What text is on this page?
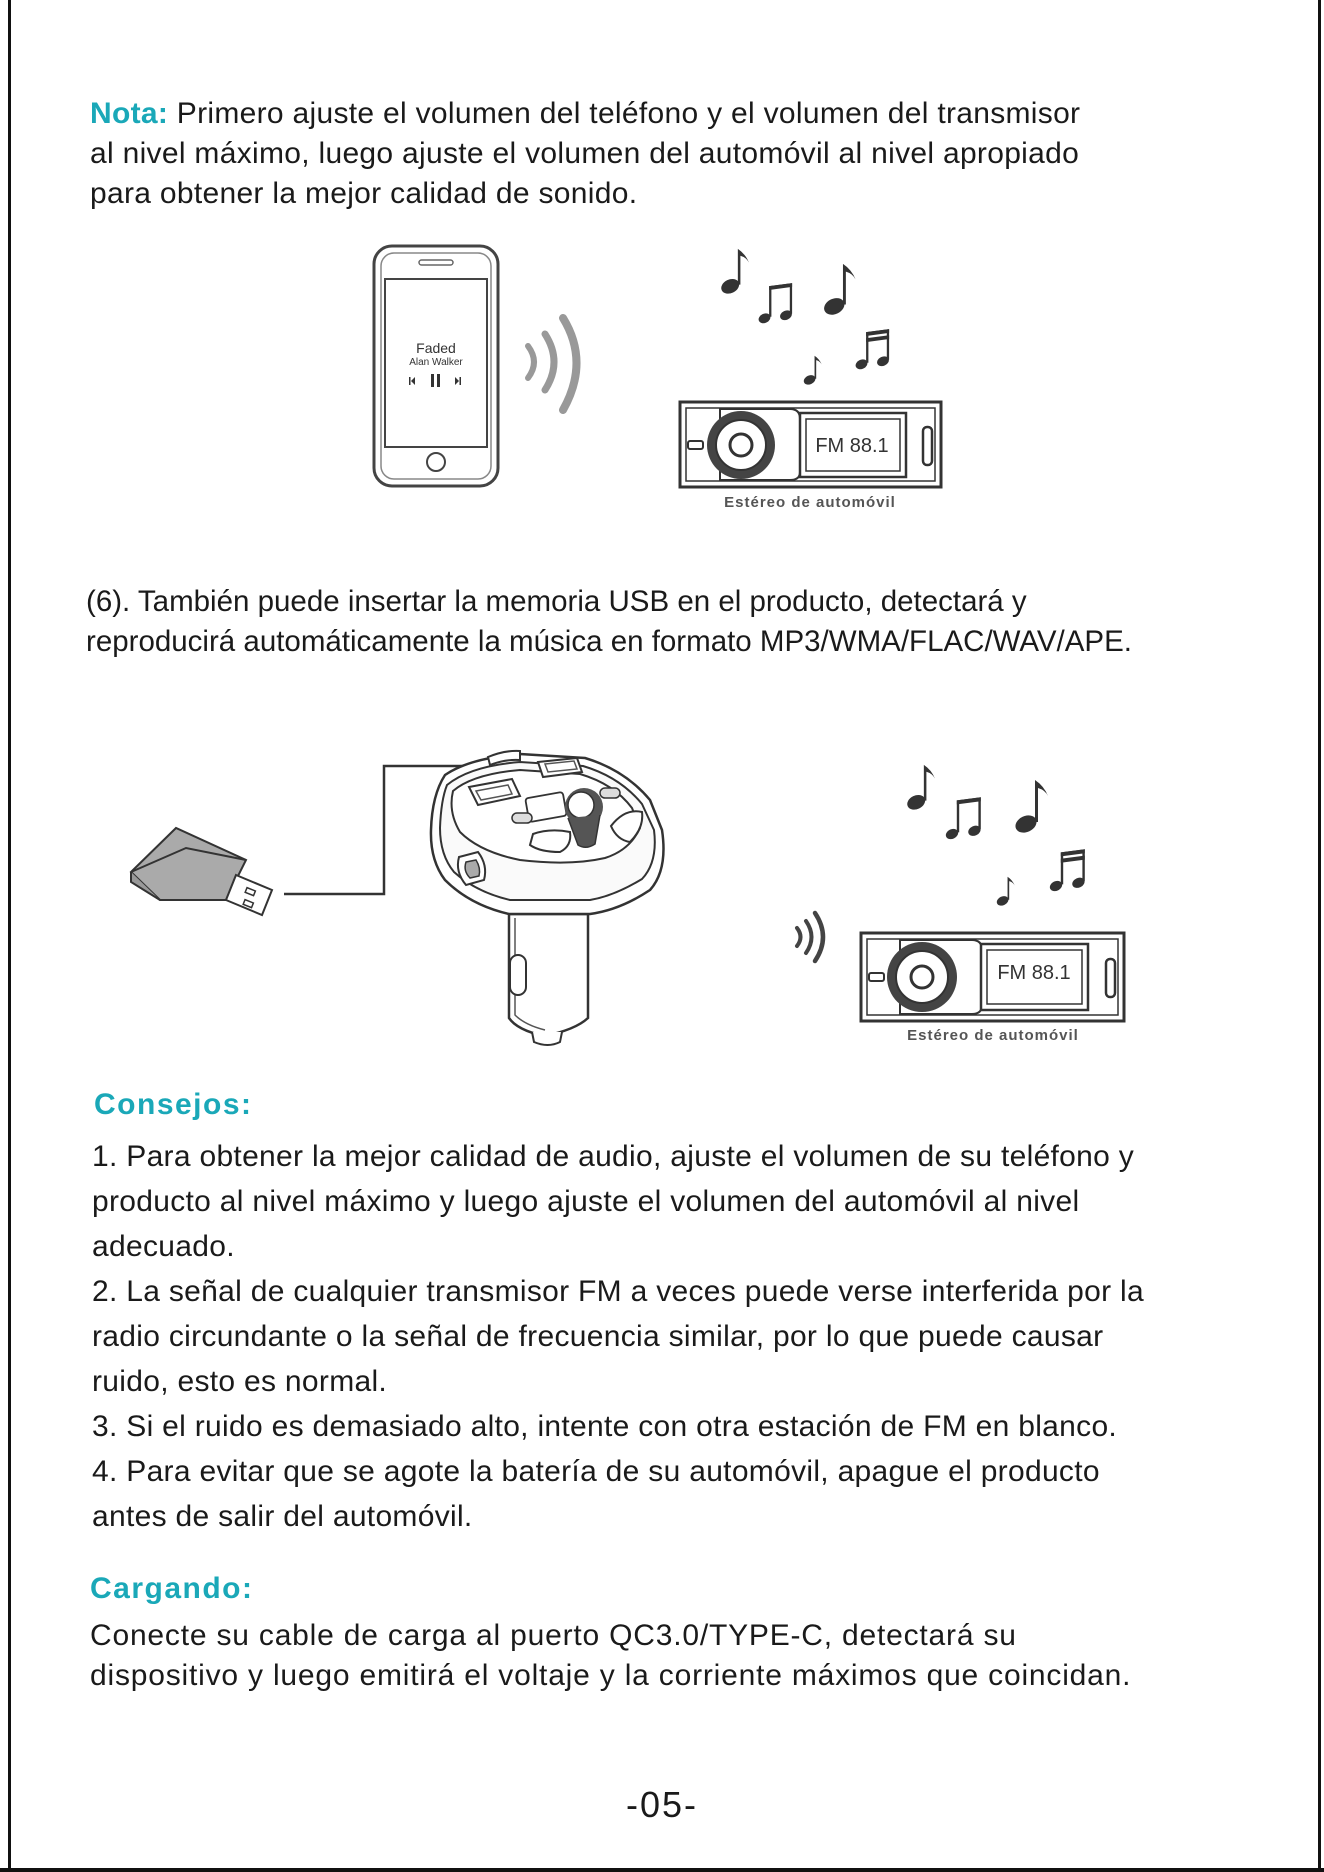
Nota: Primero ajuste el volumen del teléfono y el volumen del transmisor
al nivel máximo, luego ajuste el volumen del automóvil al nivel apropiado
para obtener la mejor calidad de sonido.
Faded
Alan Walker
FM 88.1
Estéreo de automóvil
FM 88.1
Estéreo de automóvil
(6). También puede insertar la memoria USB en el producto, detectará y
reproducirá automáticamente la música en formato MP3/WMA/FLAC/WAV/APE.
Consejos:
1. Para obtener la mejor calidad de audio, ajuste el volumen de su teléfono y
producto al nivel máximo y luego ajuste el volumen del automóvil al nivel
adecuado.
2. La señal de cualquier transmisor FM a veces puede verse interferida por la
radio circundante o la señal de frecuencia similar, por lo que puede causar
ruido, esto es normal.
3. Si el ruido es demasiado alto, intente con otra estación de FM en blanco.
4. Para evitar que se agote la batería de su automóvil, apague el producto
antes de salir del automóvil.
Cargando:
Conecte su cable de carga al puerto QC3.0/TYPE-C, detectará su
dispositivo y luego emitirá el voltaje y la corriente máximos que coincidan.
-05-
